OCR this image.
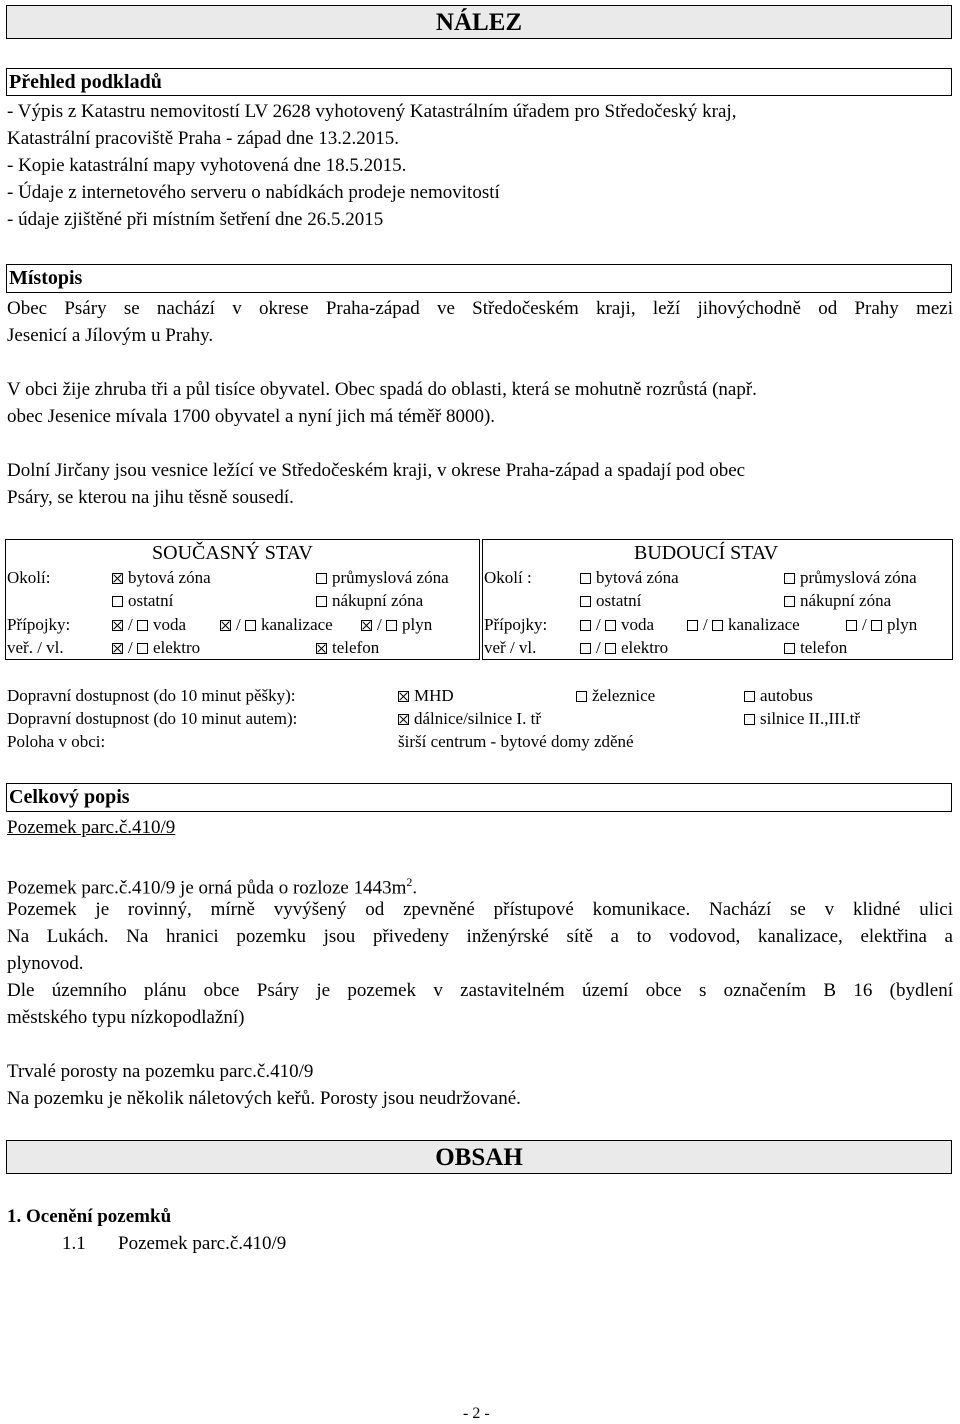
NÁLEZ
Přehled podkladů
- Výpis z Katastru nemovitostí LV 2628 vyhotovený Katastrálním úřadem pro Středočeský kraj,
Katastrální pracoviště Praha - západ dne 13.2.2015.
- Kopie katastrální mapy vyhotovená dne 18.5.2015.
- Údaje z internetového serveru o nabídkách prodeje nemovitostí
- údaje zjištěné při místním šetření dne 26.5.2015
Místopis
Obec Psáry se nachází v okrese Praha-západ ve Středočeském kraji, leží jihovýchodně od Prahy mezi
Jesenicí a Jílovým u Prahy.
V obci žije zhruba tři a půl tisíce obyvatel. Obec spadá do oblasti, která se mohutně rozrůstá (např.
obec Jesenice mívala 1700 obyvatel a nyní jich má téměř 8000).
Dolní Jirčany jsou vesnice ležící ve Středočeském kraji, v okrese Praha-západ a spadají pod obec
Psáry, se kterou na jihu těsně sousedí.
SOUČASNÝ STAV
Okolí:	bytová zóna	průmyslová zóna
ostatní	nákupní zóna
Přípojky:	/ voda	/ kanalizace	/ plyn
veř. / vl.	/ elektro	telefon
BUDOUCÍ STAV
Okolí :	bytová zóna	průmyslová zóna
ostatní	nákupní zóna
Přípojky:	/ voda	/ kanalizace	/ plyn
veř / vl.	/ elektro	telefon
Dopravní dostupnost (do 10 minut pěšky):	MHD	železnice	autobus
Dopravní dostupnost (do 10 minut autem):	dálnice/silnice I. tř	silnice II.,III.tř
Poloha v obci:	širší centrum - bytové domy zděné
Celkový popis
Pozemek parc.č.410/9
Pozemek parc.č.410/9 je orná půda o rozloze $1443m^2$.
Pozemek je rovinný, mírně vyvýšený od zpevněné přístupové komunikace. Nachází se v klidné ulici
Na Lukách. Na hranici pozemku jsou přivedeny inženýrské sítě a to vodovod, kanalizace, elektřina a
plynovod.
Dle územního plánu obce Psáry je pozemek v zastavitelném území obce s označením B 16 (bydlení
městského typu nízkopodlažní)
Trvalé porosty na pozemku parc.č.410/9
Na pozemku je několik náletových keřů. Porosty jsou neudržované.
OBSAH
1. Ocenění pozemků
1.1 Pozemek parc.č.410/9
- 2 -
